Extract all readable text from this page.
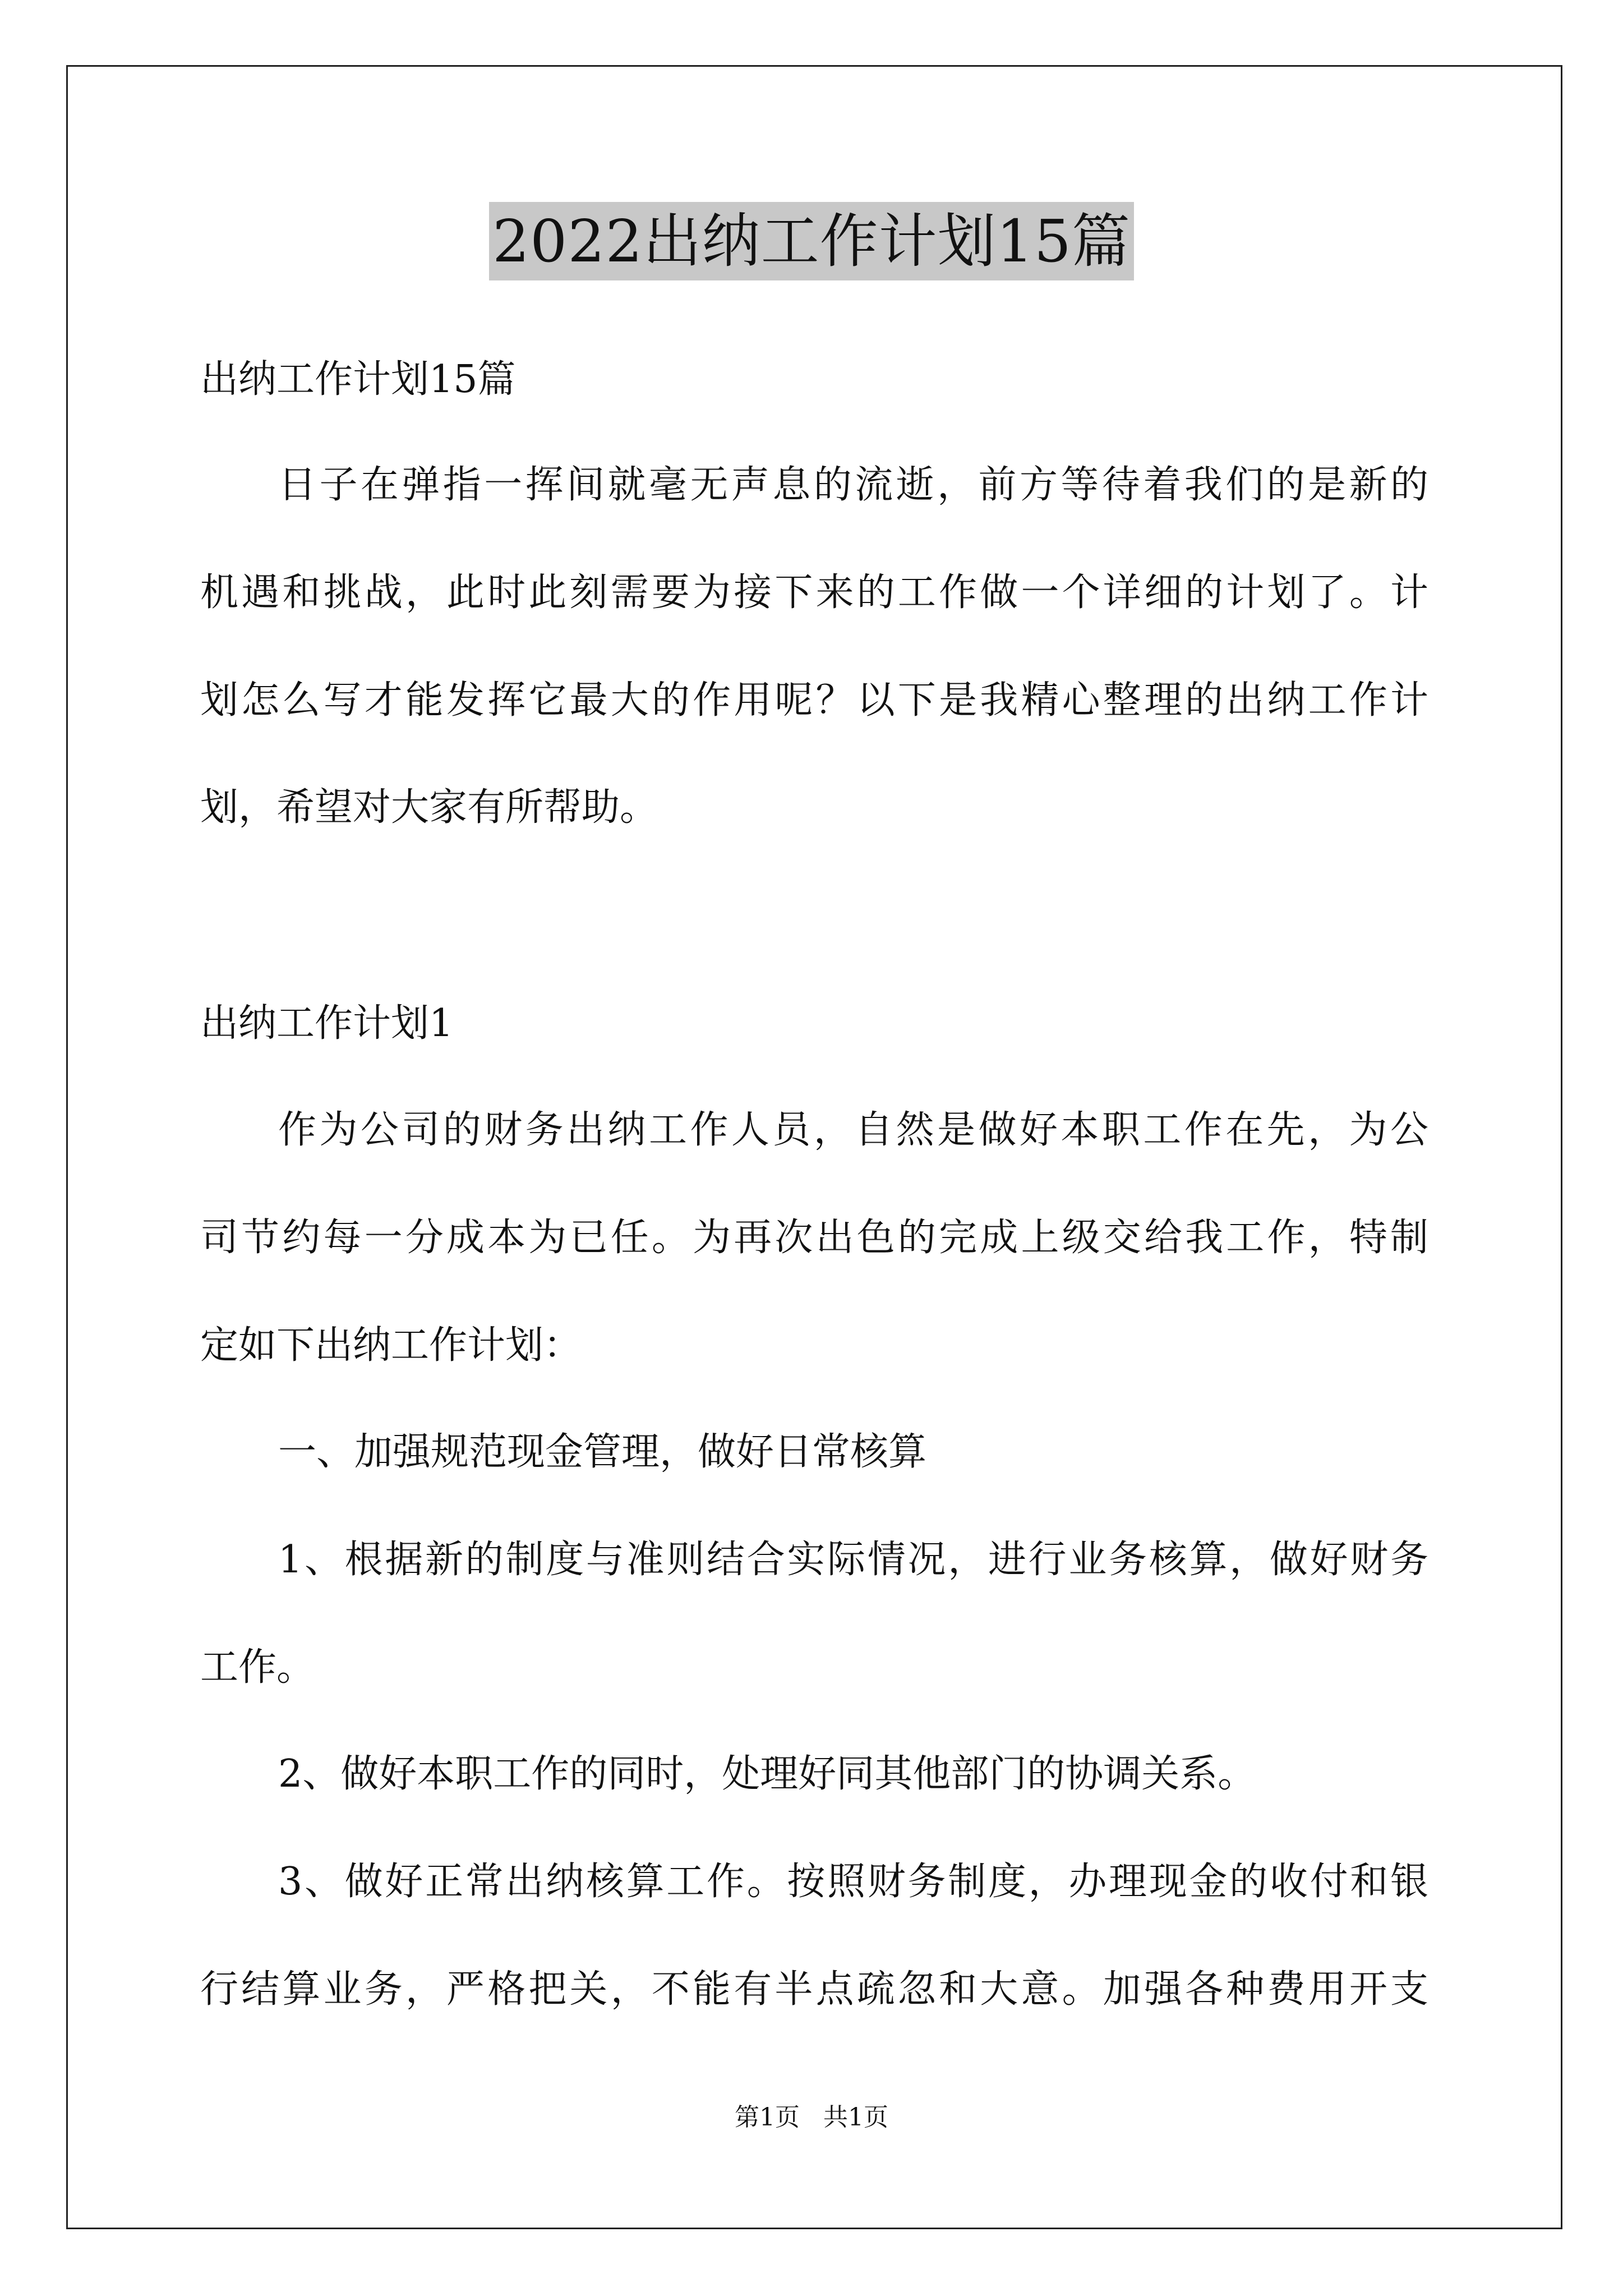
2022出纳工作计划15篇
出纳工作计划15篇
日子在弹指一挥间就毫无声息的流逝，前方等待着我们的是新的
机遇和挑战，此时此刻需要为接下来的工作做一个详细的计划了。计
划怎么写才能发挥它最大的作用呢？以下是我精心整理的出纳工作计
划，希望对大家有所帮助。
出纳工作计划1
作为公司的财务出纳工作人员，自然是做好本职工作在先，为公
司节约每一分成本为已任。为再次出色的完成上级交给我工作，特制
定如下出纳工作计划：
一、加强规范现金管理，做好日常核算
1、根据新的制度与准则结合实际情况，进行业务核算，做好财务
工作。
2、做好本职工作的同时，处理好同其他部门的协调关系。
3、做好正常出纳核算工作。按照财务制度，办理现金的收付和银
行结算业务，严格把关，不能有半点疏忽和大意。加强各种费用开支
第1页 共1页
